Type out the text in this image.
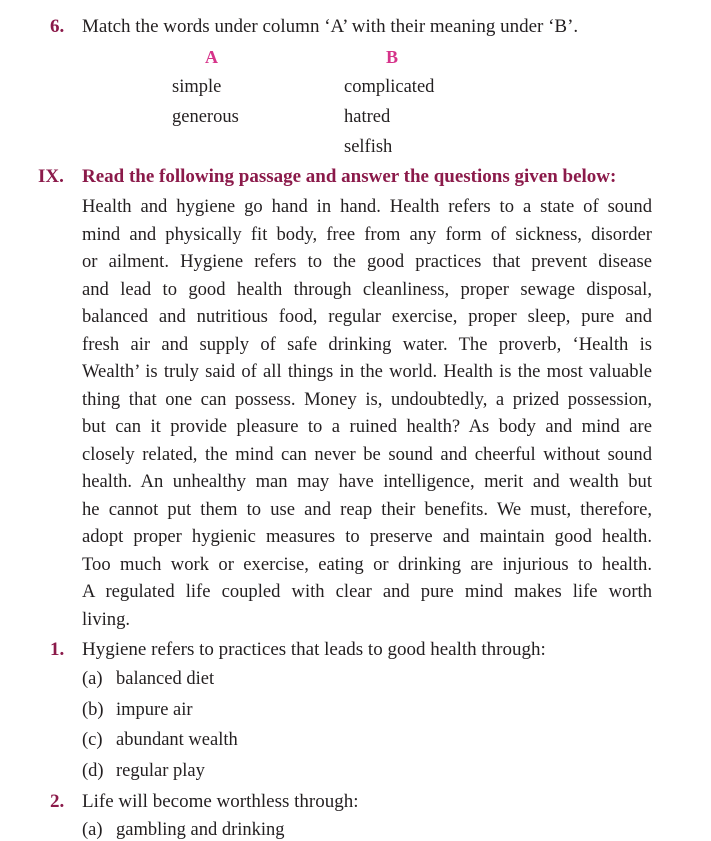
6. Match the words under column ‘A’ with their meaning under ‘B’.
A	B
simple
generous
complicated
hatred
selfish
IX. Read the following passage and answer the questions given below:
Health and hygiene go hand in hand. Health refers to a state of sound
mind and physically fit body, free from any form of sickness, disorder
or ailment. Hygiene refers to the good practices that prevent disease
and lead to good health through cleanliness, proper sewage disposal,
balanced and nutritious food, regular exercise, proper sleep, pure and
fresh air and supply of safe drinking water. The proverb, ‘Health is
Wealth’ is truly said of all things in the world. Health is the most valuable
thing that one can possess. Money is, undoubtedly, a prized possession,
but can it provide pleasure to a ruined health? As body and mind are
closely related, the mind can never be sound and cheerful without sound
health. An unhealthy man may have intelligence, merit and wealth but
he cannot put them to use and reap their benefits. We must, therefore,
adopt proper hygienic measures to preserve and maintain good health.
Too much work or exercise, eating or drinking are injurious to health.
A regulated life coupled with clear and pure mind makes life worth
living.
1. Hygiene refers to practices that leads to good health through:
(a) balanced diet
(b) impure air
(c) abundant wealth
(d) regular play
2. Life will become worthless through:
(a) gambling and drinking
